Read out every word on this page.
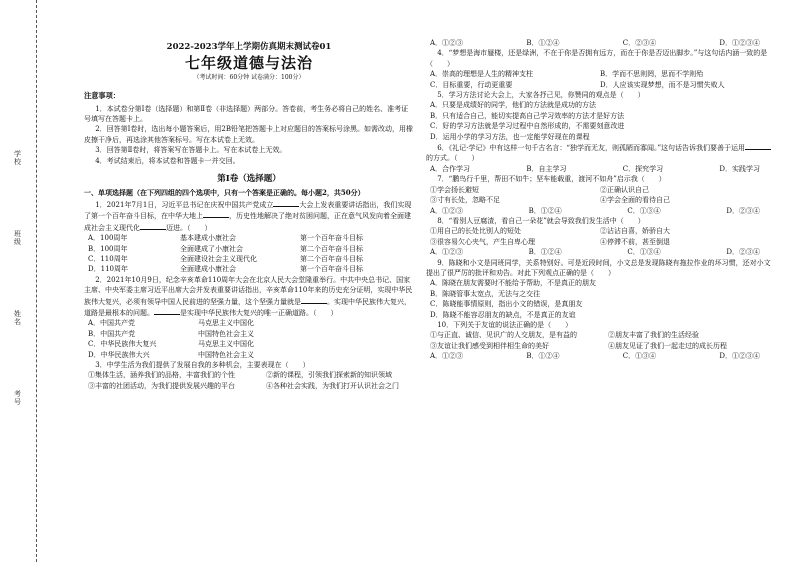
学校
班级
姓名
考号
2022-2023学年上学期仿真期末测试卷01
七年级道德与法治
（考试时间：60分钟 试卷满分：100分）
注意事项：

1．本试卷分第Ⅰ卷（选择题）和第Ⅱ卷（非选择题）两部分。答卷前，考生务必将自己的姓名、准考证号填写在答题卡上。

2．回答第Ⅰ卷时，选出每小题答案后，用2B铅笔把答题卡上对应题目的答案标号涂黑。如需改动，用橡皮擦干净后，再选涂其他答案标号。写在本试卷上无效。

3．回答第Ⅱ卷时，将答案写在答题卡上。写在本试卷上无效。

4．考试结束后，将本试卷和答题卡一并交回。

第Ⅰ卷（选择题）

一、单项选择题（在下列四组的四个选项中，只有一个答案是正确的。每小题2，共50分）

1．2021年7月1日，习近平总书记在庆祝中国共产党成立	大会上发表重要讲话指出，我们实现了第一个百年奋斗目标，在中华大地上	，历史性地解决了绝对贫困问题，正在意气风发向着全面建成社会主义现代化	迈进。（　　）

A．100周年	基本建成小康社会	第一个百年奋斗目标
B．100周年	全面建成了小康社会	第二个百年奋斗目标
C．110周年	全面建设社会主义现代化	第二个百年奋斗目标
D．110周年	全面建成小康社会	第一个百年奋斗目标

2．2021年10月9日，纪念辛亥革命110周年大会在北京人民大会堂隆重举行。中共中央总书记、国家主席、中央军委主席习近平出席大会并发表重要讲话指出，辛亥革命110年来的历史充分证明，实现中华民族伟大复兴，必须有领导中国人民前进的坚强力量，这个坚强力量就是	。实现中华民族伟大复兴，道路是最根本的问题。	是实现中华民族伟大复兴的唯一正确道路。（　　）

A．中国共产党	马克思主义中国化
B．中国共产党	中国特色社会主义
C．中华民族伟大复兴	马克思主义中国化
D．中华民族伟大兴	中国特色社会主义

3．中学生活为我们提供了发展自我的多种机会，主要表现在（　　）

①集体生活，涵养我们的品格，丰富我们的个性	②新的课程，引领我们探索新的知识领域
③丰富的社团活动，为我们提供发展兴趣的平台	④各种社会实践，为我们打开认识社会之门
A．①②③	B．①②④	C．②③④	D．①②③④

4．“梦想是海市蜃楼，还是绿洲，不在于你是否拥有远方，而在于你是否迈出脚步。”与这句话内涵一致的是（　　）

A．崇高的理想是人生的精神支柱	B．学而不思则罔，思而不学则殆
C．目标重要，行动更重要	D．人应该实现梦想，而不是习惯失败人

5．学习方法讨论大会上，大家各抒己见，你赞同的观点是（　　）

A．只要是成绩好的同学，他们的方法就是成功的方法
B．只有适合自己，能切实提高自己学习效率的方法才是好方法
C．好的学习方法就是学习过程中自然形成的，不需要刻意改进
D．运用小学的学习方法，也一定能学好现在的课程

6．《礼记·学记》中有这样一句千古名言：“独学而无友，则孤陋而寡闻。”这句话告诉我们要善于运用的方式。（　　）

A．合作学习	B．自主学习	C．探究学习	D．实践学习

7．“鹏鸟行千里，帮田不如牛；坚车能载重，渡河不如舟”启示我（　　）

①学会扬长避短	②正确认识自己
③寸有长处，忽略不足	④学会全面的看待自己
A．①②③	B．①②④	C．①③④	D．②③④

8．“看别人豆腐渣，看自己一朵花”就会导致我们发生活中（　　）

①用自己的长处比别人的短处	②沾沾自喜，娇骄自大
③很容易欠心夹气，产生自卑心理	④停滞不前，甚至倒退
A．①②③	B．①②④	C．①③④	D．②③④

9．陈晓和小文是同班同学，关系特别好。可是近段时间，小文总是发现陈晓有拖拉作业的坏习惯，还对小文提出了很严厉的批评和劝告。对此下列观点正确的是（　　）

A．陈晓在朋友需要时不能给予帮助，不是真正的朋友
B．陈晓管事太宽点，无法与之交往
C．陈晓能事情原则，指出小文的错误，是真朋友
D．陈晓不能容忍朋友的缺点，不是真正的友谊

10．下列关于友谊的说法正确的是（　　）

①与正直、诚信、见识广的人交朋友，是有益的	②朋友丰富了我们的生活经验
③友谊让我们感受到相伴相生命的美好	④朋友见证了我们一起走过的成长历程
A．①②③	B．①②④	C．①③④	D．①②③④
